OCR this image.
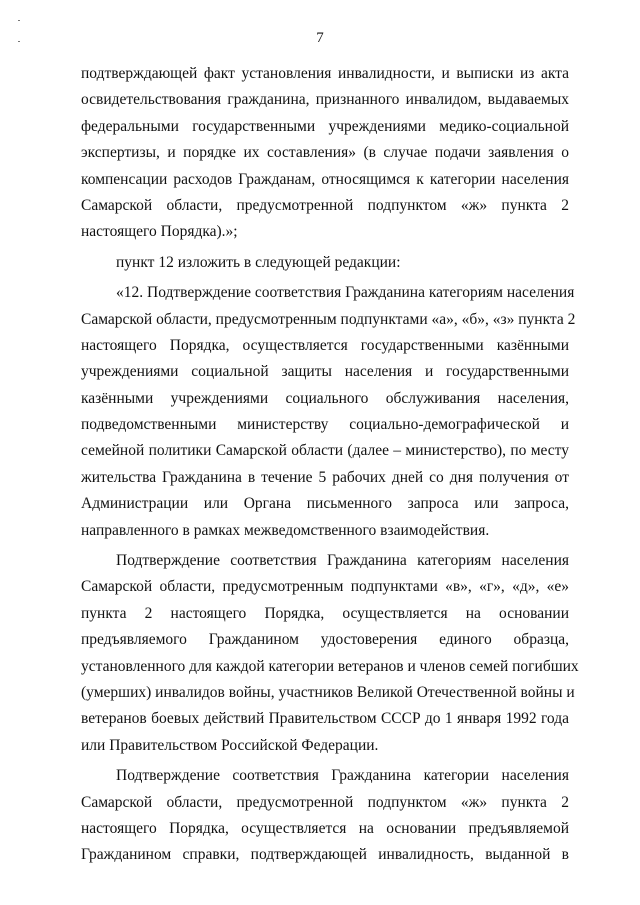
7
подтверждающей факт установления инвалидности, и выписки из акта
освидетельствования гражданина, признанного инвалидом, выдаваемых
федеральными государственными учреждениями медико-социальной
экспертизы, и порядке их составления» (в случае подачи заявления о
компенсации расходов Гражданам, относящимся к категории населения
Самарской области, предусмотренной подпунктом «ж» пункта 2
настоящего Порядка).»;
пункт 12 изложить в следующей редакции:
«12. Подтверждение соответствия Гражданина категориям населения
Самарской области, предусмотренным подпунктами «а», «б», «з» пункта 2
настоящего Порядка, осуществляется государственными казёнными
учреждениями социальной защиты населения и государственными
казёнными учреждениями социального обслуживания населения,
подведомственными министерству социально-демографической и
семейной политики Самарской области (далее – министерство), по месту
жительства Гражданина в течение 5 рабочих дней со дня получения от
Администрации или Органа письменного запроса или запроса,
направленного в рамках межведомственного взаимодействия.
Подтверждение соответствия Гражданина категориям населения
Самарской области, предусмотренным подпунктами «в», «г», «д», «е»
пункта 2 настоящего Порядка, осуществляется на основании
предъявляемого Гражданином удостоверения единого образца,
установленного для каждой категории ветеранов и членов семей погибших
(умерших) инвалидов войны, участников Великой Отечественной войны и
ветеранов боевых действий Правительством СССР до 1 января 1992 года
или Правительством Российской Федерации.
Подтверждение соответствия Гражданина категории населения
Самарской области, предусмотренной подпунктом «ж» пункта 2
настоящего Порядка, осуществляется на основании предъявляемой
Гражданином справки, подтверждающей инвалидность, выданной в
